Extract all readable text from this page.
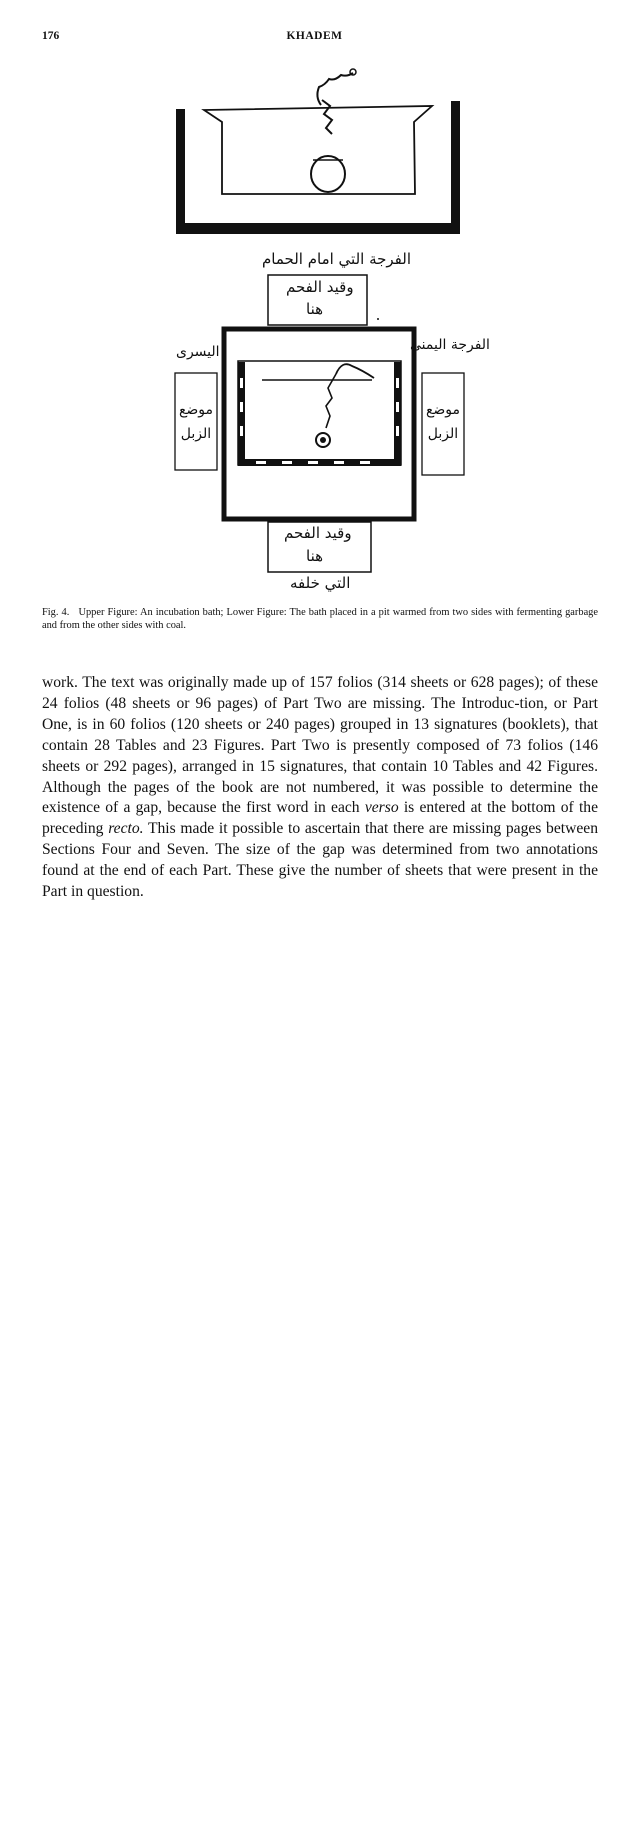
176	KHADEM
الفرجة التي امام الحمام
وقيد الفحم
هنا
اليسرى	الفرجة اليمنى
موضع الزبل
موضع الزبل
وقيد الفحم
هنا
التي خلفه
Fig. 4. Upper Figure: An incubation bath; Lower Figure: The bath placed in a pit warmed from two sides with fermenting garbage and from the other sides with coal.

work. The text was originally made up of 157 folios (314 sheets or 628 pages); of these 24 folios (48 sheets or 96 pages) of Part Two are missing. The Introduc-tion, or Part One, is in 60 folios (120 sheets or 240 pages) grouped in 13 signatures (booklets), that contain 28 Tables and 23 Figures. Part Two is presently composed of 73 folios (146 sheets or 292 pages), arranged in 15 signatures, that contain 10 Tables and 42 Figures. Although the pages of the book are not numbered, it was possible to determine the existence of a gap, because the first word in each verso is entered at the bottom of the preceding recto. This made it possible to ascertain that there are missing pages between Sections Four and Seven. The size of the gap was determined from two annotations found at the end of each Part. These give the number of sheets that were present in the Part in question.
